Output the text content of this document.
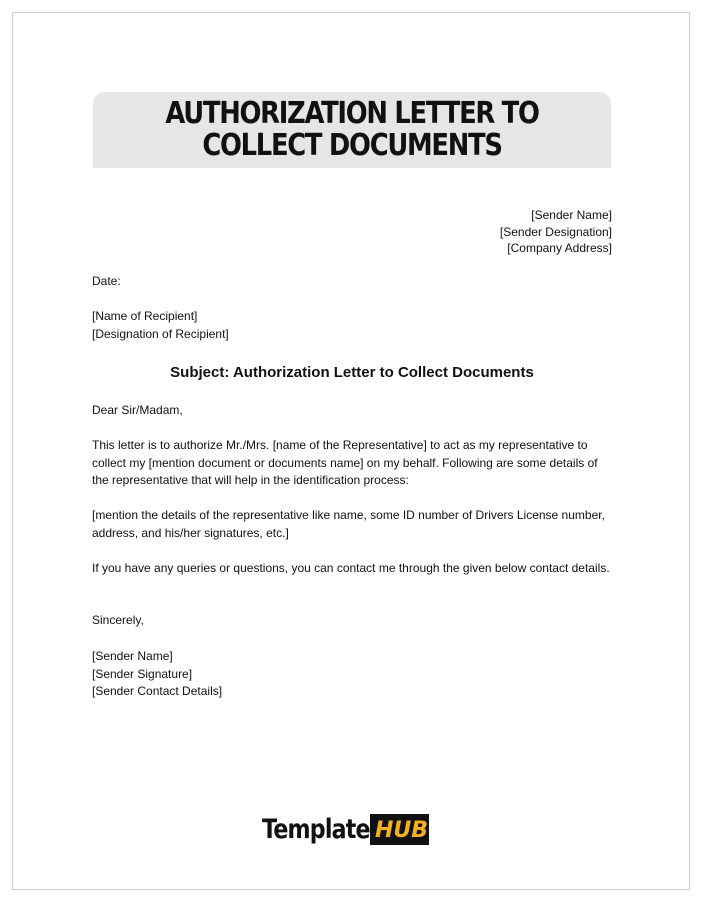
AUTHORIZATION LETTER TO COLLECT DOCUMENTS
[Sender Name]
[Sender Designation]
[Company Address]
Date:
[Name of Recipient]
[Designation of Recipient]
Subject: Authorization Letter to Collect Documents
Dear Sir/Madam,
This letter is to authorize Mr./Mrs. [name of the Representative] to act as my representative to collect my [mention document or documents name] on my behalf. Following are some details of the representative that will help in the identification process:
[mention the details of the representative like name, some ID number of Drivers License number, address, and his/her signatures, etc.]
If you have any queries or questions, you can contact me through the given below contact details.
Sincerely,
[Sender Name]
[Sender Signature]
[Sender Contact Details]
Template HUB
